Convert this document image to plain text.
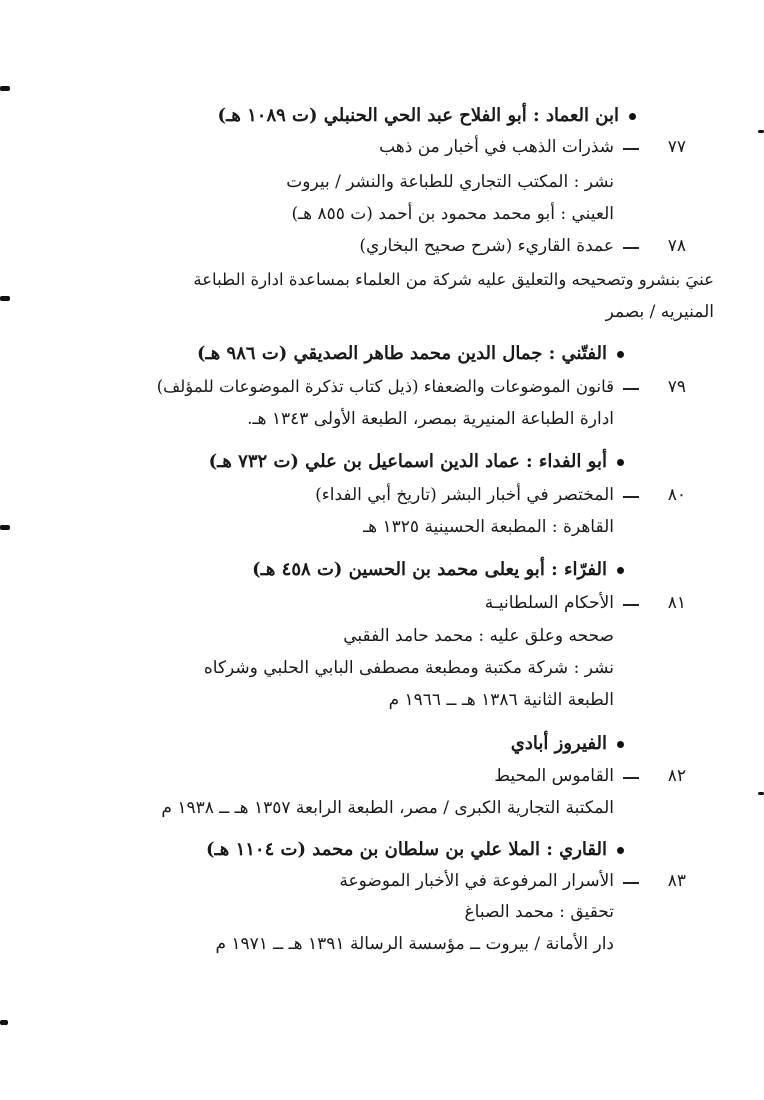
ابن العماد : أبو الفلاح عبد الحي الحنبلي (ت ١٠٨٩ هـ)
٧٧
شذرات الذهب في أخبار من ذهب
نشر : المكتب التجاري للطباعة والنشر / بيروت
العيني : أبو محمد محمود بن أحمد (ت ٨٥٥ هـ)
٧٨
عمدة القاريء (شرح صحيح البخاري)
عنيَ بنشرو وتصحيحه والتعليق عليه شركة من العلماء بمساعدة ادارة الطباعة
المنيريه / بصمر
الفتّني : جمال الدين محمد طاهر الصديقي (ت ٩٨٦ هـ)
٧٩
قانون الموضوعات والضعفاء (ذيل كتاب تذكرة الموضوعات للمؤلف)
ادارة الطباعة المنيرية بمصر، الطبعة الأولى ١٣٤٣ هـ.
أبو الفداء : عماد الدين اسماعيل بن علي (ت ٧٣٢ هـ)
٨٠
المختصر في أخبار البشر (تاريخ أبي الفداء)
القاهرة : المطبعة الحسينية ١٣٢٥ هـ
الفرّاء : أبو يعلى محمد بن الحسين (ت ٤٥٨ هـ)
٨١
الأحكام السلطانيـة
صححه وعلق عليه : محمد حامد الفقبي
نشر : شركة مكتبة ومطبعة مصطفى البابي الحلبي وشركاه
الطبعة الثانية ١٣٨٦ هـ ــ ١٩٦٦ م
الفيروز أبادي
٨٢
القاموس المحيط
المكتبة التجارية الكبرى / مصر، الطبعة الرابعة ١٣٥٧ هـ ــ ١٩٣٨ م
القاري : الملا علي بن سلطان بن محمد (ت ١١٠٤ هـ)
٨٣
الأسرار المرفوعة في الأخبار الموضوعة
تحقيق : محمد الصباغ
دار الأمانة / بيروت ــ مؤسسة الرسالة ١٣٩١ هـ ــ ١٩٧١ م
